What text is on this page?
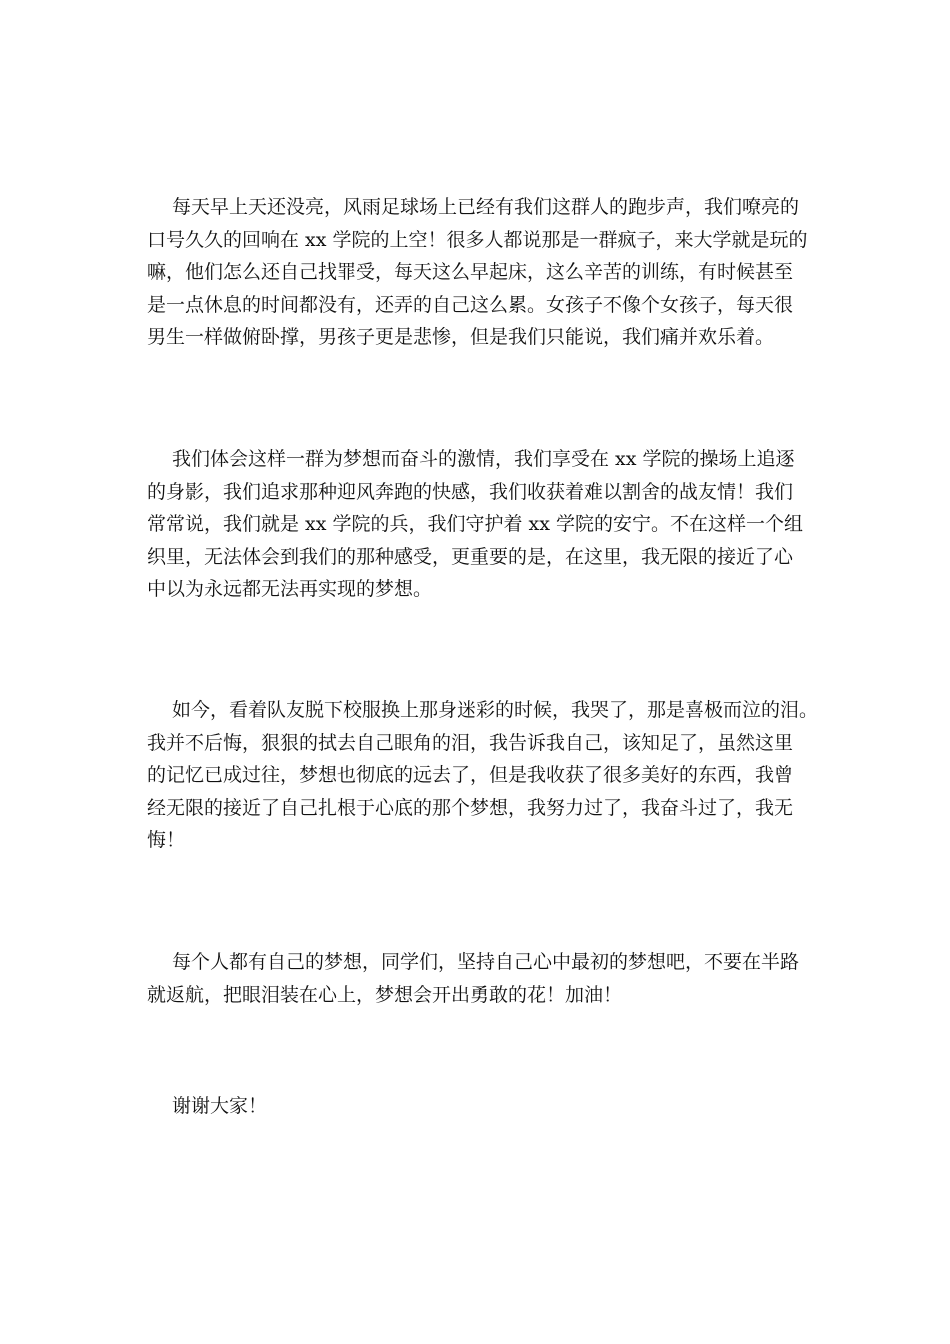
每天早上天还没亮，风雨足球场上已经有我们这群人的跑步声，我们嘹亮的
口号久久的回响在 xx 学院的上空！很多人都说那是一群疯子，来大学就是玩的
嘛，他们怎么还自己找罪受，每天这么早起床，这么辛苦的训练，有时候甚至
是一点休息的时间都没有，还弄的自己这么累。女孩子不像个女孩子，每天很
男生一样做俯卧撑，男孩子更是悲惨，但是我们只能说，我们痛并欢乐着。
我们体会这样一群为梦想而奋斗的激情，我们享受在 xx 学院的操场上追逐
的身影，我们追求那种迎风奔跑的快感，我们收获着难以割舍的战友情！我们
常常说，我们就是 xx 学院的兵，我们守护着 xx 学院的安宁。不在这样一个组
织里，无法体会到我们的那种感受，更重要的是，在这里，我无限的接近了心
中以为永远都无法再实现的梦想。
如今，看着队友脱下校服换上那身迷彩的时候，我哭了，那是喜极而泣的泪。
我并不后悔，狠狠的拭去自己眼角的泪，我告诉我自己，该知足了，虽然这里
的记忆已成过往，梦想也彻底的远去了，但是我收获了很多美好的东西，我曾
经无限的接近了自己扎根于心底的那个梦想，我努力过了，我奋斗过了，我无
悔！
每个人都有自己的梦想，同学们，坚持自己心中最初的梦想吧，不要在半路
就返航，把眼泪装在心上，梦想会开出勇敢的花！加油！
谢谢大家！
